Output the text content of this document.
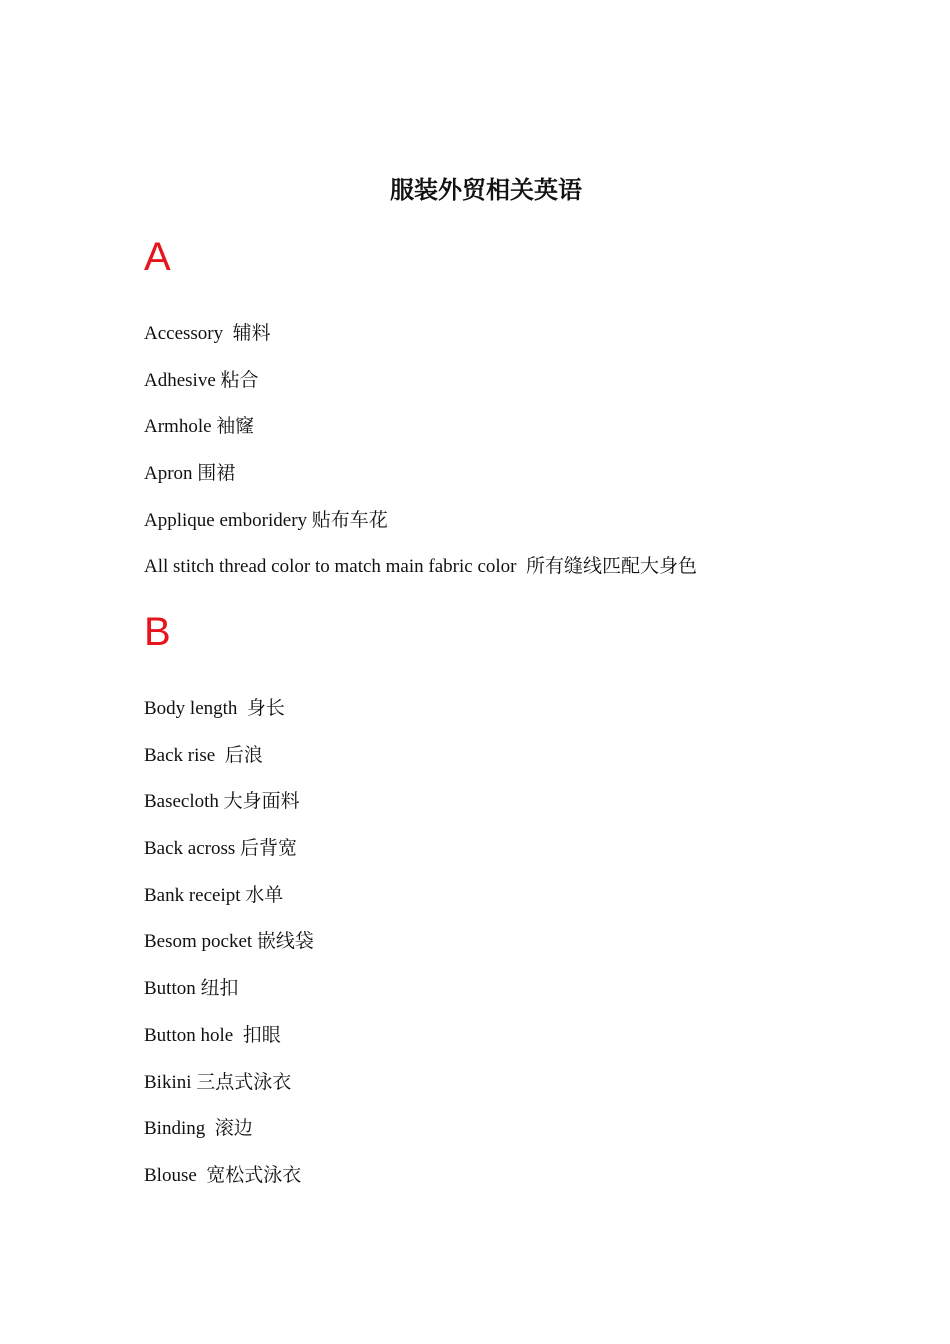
服装外贸相关英语
A
Accessory  辅料
Adhesive 粘合
Armhole 袖窿
Apron 围裙
Applique emboridery 贴布车花
All stitch thread color to match main fabric color  所有缝线匹配大身色
B
Body length  身长
Back rise  后浪
Basecloth 大身面料
Back across 后背宽
Bank receipt 水单
Besom pocket 嵌线袋
Button 纽扣
Button hole  扣眼
Bikini 三点式泳衣
Binding  滚边
Blouse  宽松式泳衣
